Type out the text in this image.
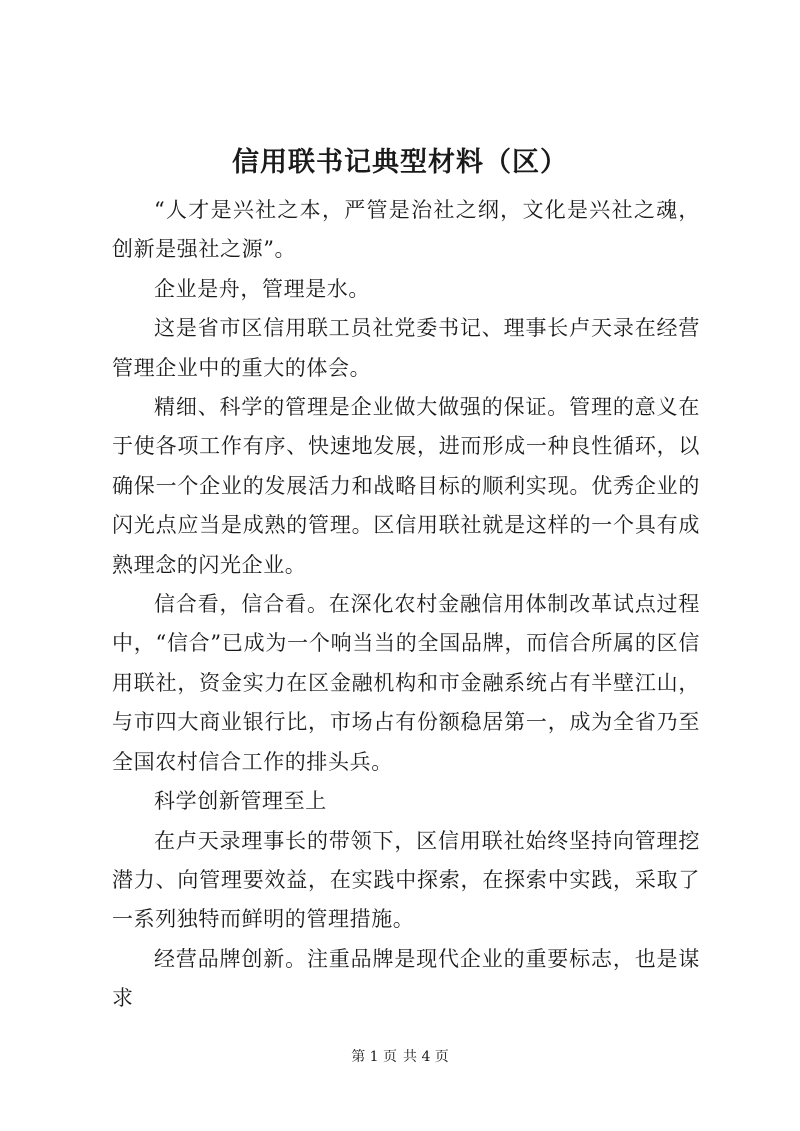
信用联书记典型材料（区）

“人才是兴社之本，严管是治社之纲，文化是兴社之魂，创新是强社之源”。

企业是舟，管理是水。

这是省市区信用联工员社党委书记、理事长卢天录在经营管理企业中的重大的体会。

精细、科学的管理是企业做大做强的保证。管理的意义在于使各项工作有序、快速地发展，进而形成一种良性循环，以确保一个企业的发展活力和战略目标的顺利实现。优秀企业的闪光点应当是成熟的管理。区信用联社就是这样的一个具有成熟理念的闪光企业。

信合看，信合看。在深化农村金融信用体制改革试点过程中，“信合”已成为一个响当当的全国品牌，而信合所属的区信用联社，资金实力在区金融机构和市金融系统占有半壁江山，与市四大商业银行比，市场占有份额稳居第一，成为全省乃至全国农村信合工作的排头兵。

科学创新管理至上

在卢天录理事长的带领下，区信用联社始终坚持向管理挖潜力、向管理要效益，在实践中探索，在探索中实践，采取了一系列独特而鲜明的管理措施。

经营品牌创新。注重品牌是现代企业的重要标志，也是谋求

第 1 页 共 4 页
